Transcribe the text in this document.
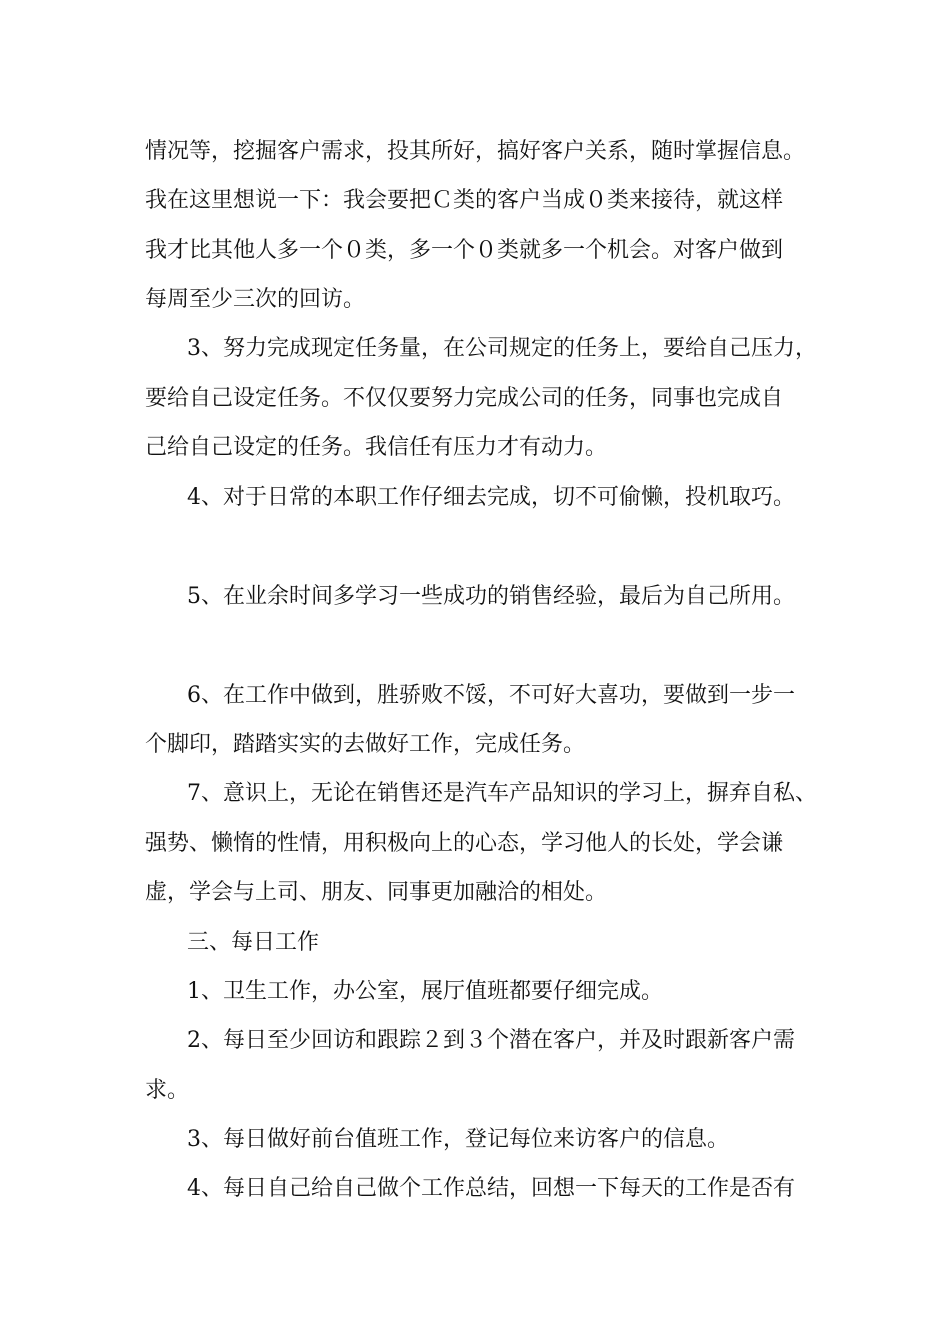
情况等，挖掘客户需求，投其所好，搞好客户关系，随时掌握信息。
我在这里想说一下：我会要把Ｃ类的客户当成０类来接待，就这样
我才比其他人多一个０类，多一个０类就多一个机会。对客户做到
每周至少三次的回访。
3、努力完成现定任务量，在公司规定的任务上，要给自己压力，
要给自己设定任务。不仅仅要努力完成公司的任务，同事也完成自
己给自己设定的任务。我信任有压力才有动力。
4、对于日常的本职工作仔细去完成，切不可偷懒，投机取巧。
5、在业余时间多学习一些成功的销售经验，最后为自己所用。
6、在工作中做到，胜骄败不馁，不可好大喜功，要做到一步一
个脚印，踏踏实实的去做好工作，完成任务。
7、意识上，无论在销售还是汽车产品知识的学习上，摒弃自私、
强势、懒惰的性情，用积极向上的心态，学习他人的长处，学会谦
虚，学会与上司、朋友、同事更加融洽的相处。
三、每日工作
1、卫生工作，办公室，展厅值班都要仔细完成。
2、每日至少回访和跟踪２到３个潜在客户，并及时跟新客户需
求。
3、每日做好前台值班工作，登记每位来访客户的信息。
4、每日自己给自己做个工作总结，回想一下每天的工作是否有
